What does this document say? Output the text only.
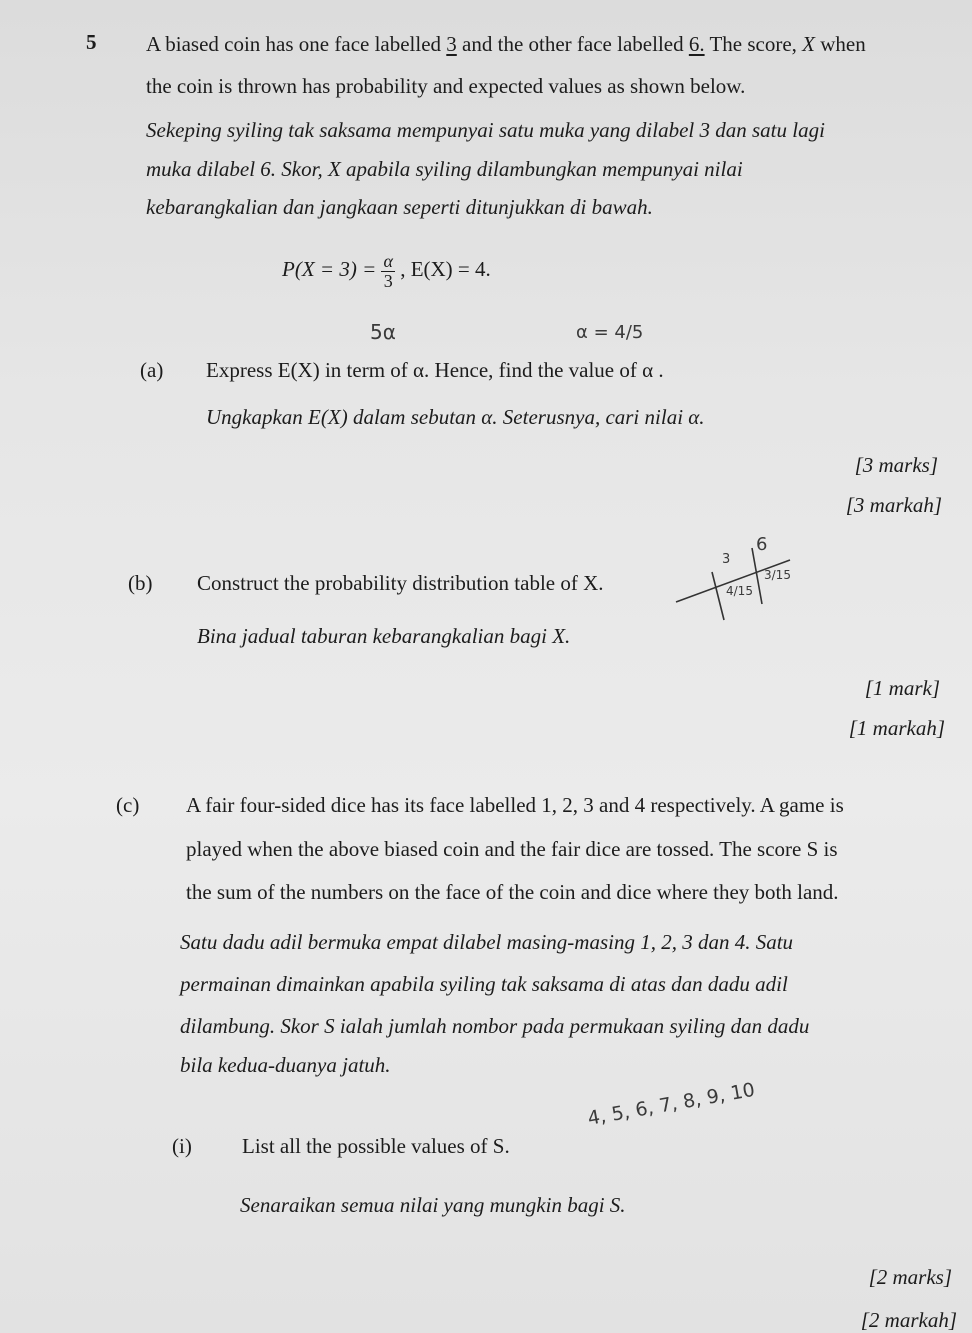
5 A biased coin has one face labelled 3 and the other face labelled 6. The score, X when
the coin is thrown has probability and expected values as shown below.
Sekeping syiling tak saksama mempunyai satu muka yang dilabel 3 dan satu lagi
muka dilabel 6. Skor, X apabila syiling dilambungkan mempunyai nilai
kebarangkalian dan jangkaan seperti ditunjukkan di bawah.
$P(X = 3) = \frac{\alpha}{3}$ , E(X) = 4.
5α	α = 4/5
(a) Express E(X) in term of α. Hence, find the value of α .
Ungkapkan E(X) dalam sebutan α. Seterusnya, cari nilai α.
[3 marks]
[3 markah]
(b) Construct the probability distribution table of X.
Bina jadual taburan kebarangkalian bagi X.
3
6
4/15
3/15
[1 mark]
[1 markah]
(c) A fair four-sided dice has its face labelled 1, 2, 3 and 4 respectively. A game is
played when the above biased coin and the fair dice are tossed. The score S is
the sum of the numbers on the face of the coin and dice where they both land.
Satu dadu adil bermuka empat dilabel masing-masing 1, 2, 3 dan 4. Satu
permainan dimainkan apabila syiling tak saksama di atas dan dadu adil
dilambung. Skor S ialah jumlah nombor pada permukaan syiling dan dadu
bila kedua-duanya jatuh.
(i) List all the possible values of S.
4, 5, 6, 7, 8, 9, 10
Senaraikan semua nilai yang mungkin bagi S.
[2 marks]
[2 markah]
